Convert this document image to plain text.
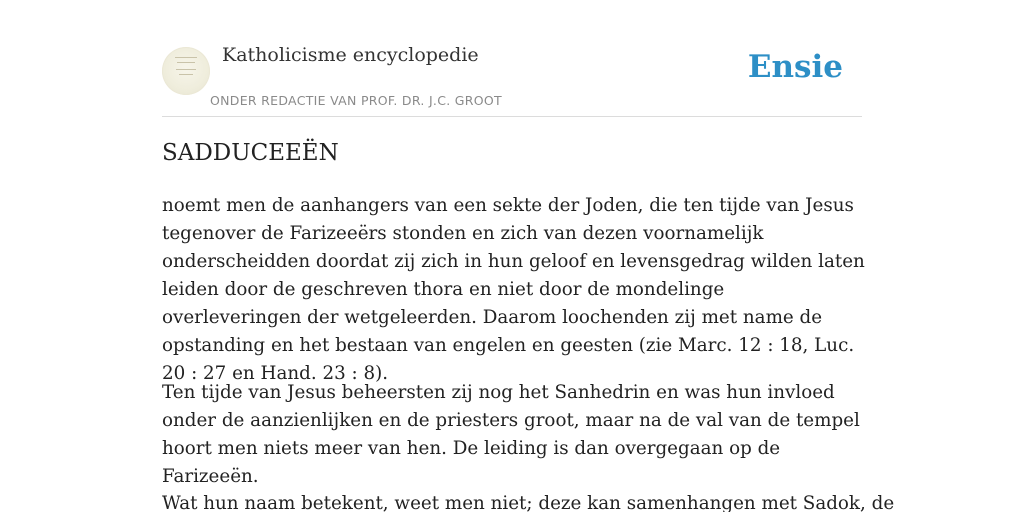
Katholicisme encyclopedie
ONDER REDACTIE VAN PROF. DR. J.C. GROOT
Ensie
SADDUCEEËN

noemt men de aanhangers van een sekte der Joden, die ten tijde van Jesus tegenover de Farizeeërs stonden en zich van dezen voornamelijk onderscheidden doordat zij zich in hun geloof en levensgedrag wilden laten leiden door de geschreven thora en niet door de mondelinge overleveringen der wetgeleerden. Daarom loochenden zij met name de opstanding en het bestaan van engelen en geesten (zie Marc. 12 : 18, Luc. 20 : 27 en Hand. 23 : 8).

Ten tijde van Jesus beheersten zij nog het Sanhedrin en was hun invloed onder de aanzienlijken en de priesters groot, maar na de val van de tempel hoort men niets meer van hen. De leiding is dan overgegaan op de Farizeeën.

Wat hun naam betekent, weet men niet; deze kan samenhangen met Sadok, de
